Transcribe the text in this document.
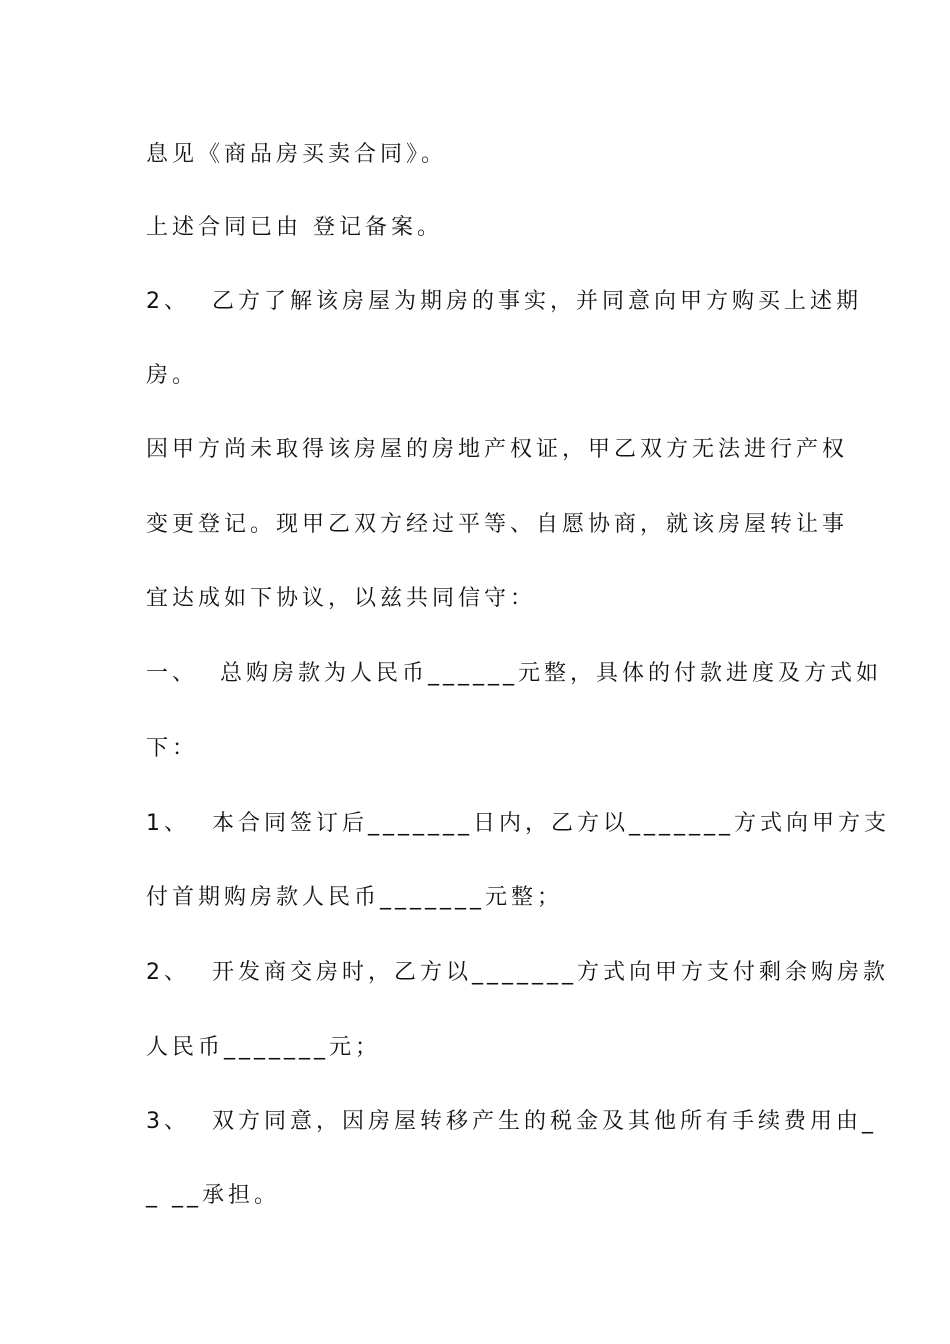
息见《商品房买卖合同》。
上述合同已由 登记备案。
2、  乙方了解该房屋为期房的事实，并同意向甲方购买上述期
房。
因甲方尚未取得该房屋的房地产权证，甲乙双方无法进行产权
变更登记。现甲乙双方经过平等、自愿协商，就该房屋转让事
宜达成如下协议，以兹共同信守：
一、  总购房款为人民币______元整，具体的付款进度及方式如
下：
1、  本合同签订后_______日内，乙方以_______方式向甲方支
付首期购房款人民币_______元整；
2、  开发商交房时，乙方以_______方式向甲方支付剩余购房款
人民币_______元；
3、  双方同意，因房屋转移产生的税金及其他所有手续费用由_
_ __承担。
